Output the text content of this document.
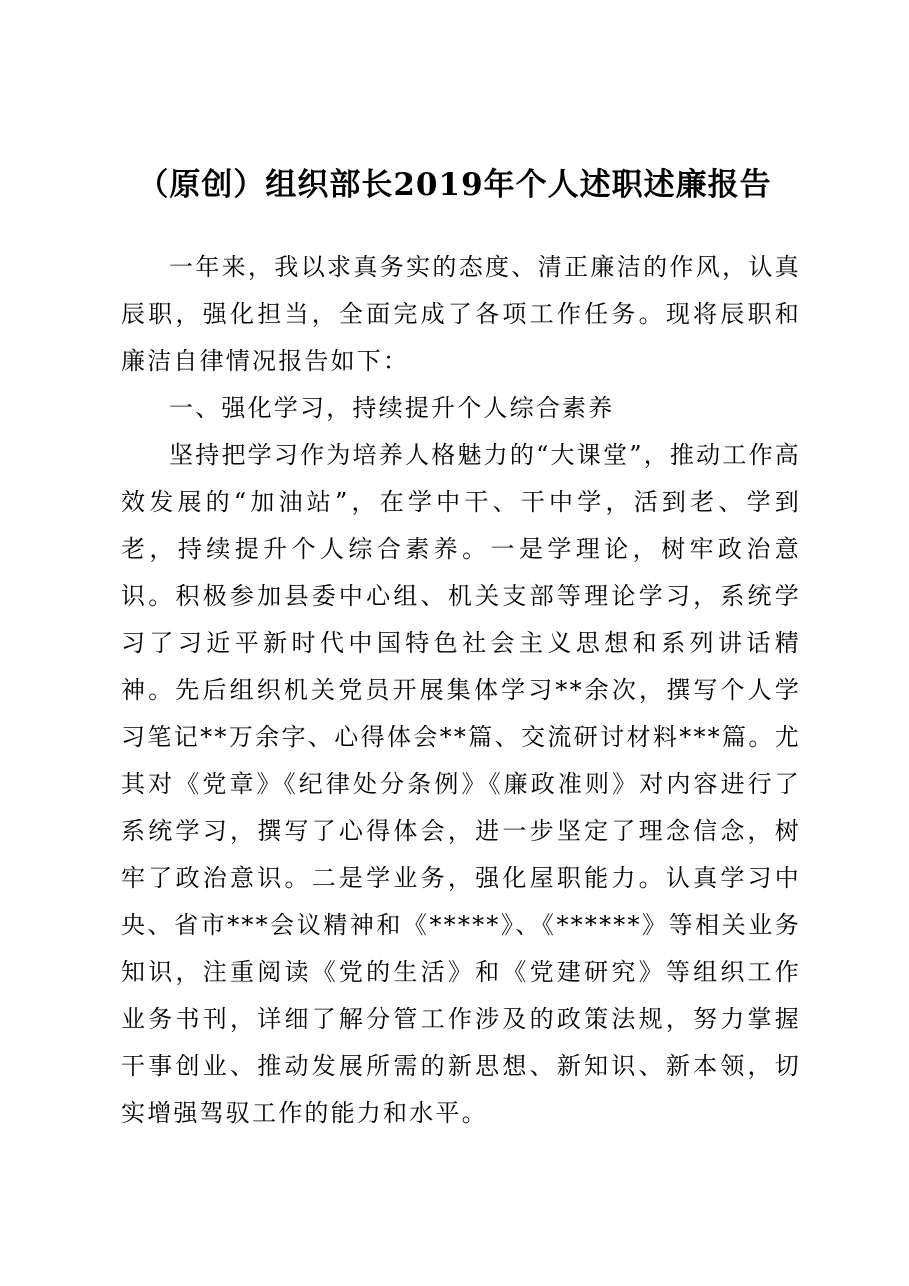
（原创）组织部长2019年个人述职述廉报告

一年来，我以求真务实的态度、清正廉洁的作风，认真辰职，强化担当，全面完成了各项工作任务。现将辰职和廉洁自律情况报告如下：

一、强化学习，持续提升个人综合素养

坚持把学习作为培养人格魅力的“大课堂”，推动工作高效发展的“加油站”，在学中干、干中学，活到老、学到老，持续提升个人综合素养。一是学理论，树牢政治意识。积极参加县委中心组、机关支部等理论学习，系统学习了习近平新时代中国特色社会主义思想和系列讲话精神。先后组织机关党员开展集体学习**余次，撰写个人学习笔记**万余字、心得体会**篇、交流研讨材料***篇。尤其对《党章》《纪律处分条例》《廉政准则》对内容进行了系统学习，撰写了心得体会，进一步坚定了理念信念，树牢了政治意识。二是学业务，强化屋职能力。认真学习中央、省市***会议精神和《*****》、《******》等相关业务知识，注重阅读《党的生活》和《党建研究》等组织工作业务书刊，详细了解分管工作涉及的政策法规，努力掌握干事创业、推动发展所需的新思想、新知识、新本领，切实增强驾驭工作的能力和水平。
